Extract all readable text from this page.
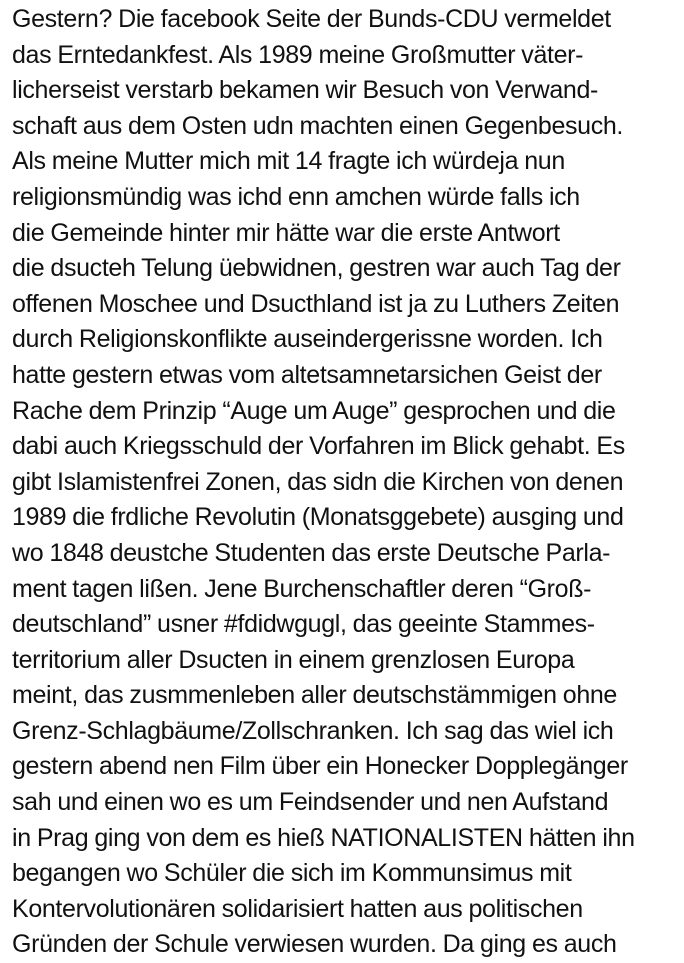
Gestern? Die facebook Seite der Bunds-CDU vermeldet
das Erntedankfest. Als 1989 meine Großmutter väter-
licherseist verstarb bekamen wir Besuch von Verwand-
schaft aus dem Osten udn machten einen Gegenbesuch.
Als meine Mutter mich mit 14 fragte ich würdeja nun
religionsmündig was ichd enn amchen würde falls ich
die Gemeinde hinter mir hätte war die erste Antwort
die dsucteh Telung üebwidnen, gestren war auch Tag der
offenen Moschee und Dsucthland ist ja zu Luthers Zeiten
durch Religionskonflikte auseindergerissne worden. Ich
hatte gestern etwas vom altetsamnetarsichen Geist der
Rache dem Prinzip “Auge um Auge” gesprochen und die
dabi auch Kriegsschuld der Vorfahren im Blick gehabt. Es
gibt Islamistenfrei Zonen, das sidn die Kirchen von denen
1989 die frdliche Revolutin (Monatsggebete) ausging und
wo 1848 deustche Studenten das erste Deutsche Parla-
ment tagen lißen. Jene Burchenschaftler deren “Groß-
deutschland” usner #fdidwgugl, das geeinte Stammes-
territorium aller Dsucten in einem grenzlosen Europa
meint, das zusmmenleben aller deutschstämmigen ohne
Grenz-Schlagbäume/Zollschranken. Ich sag das wiel ich
gestern abend nen Film über ein Honecker Dopplegänger
sah und einen wo es um Feindsender und nen Aufstand
in Prag ging von dem es hieß NATIONALISTEN hätten ihn
begangen wo Schüler die sich im Kommunsimus mit
Kontervolutionären solidarisiert hatten aus politischen
Gründen der Schule verwiesen wurden. Da ging es auch
